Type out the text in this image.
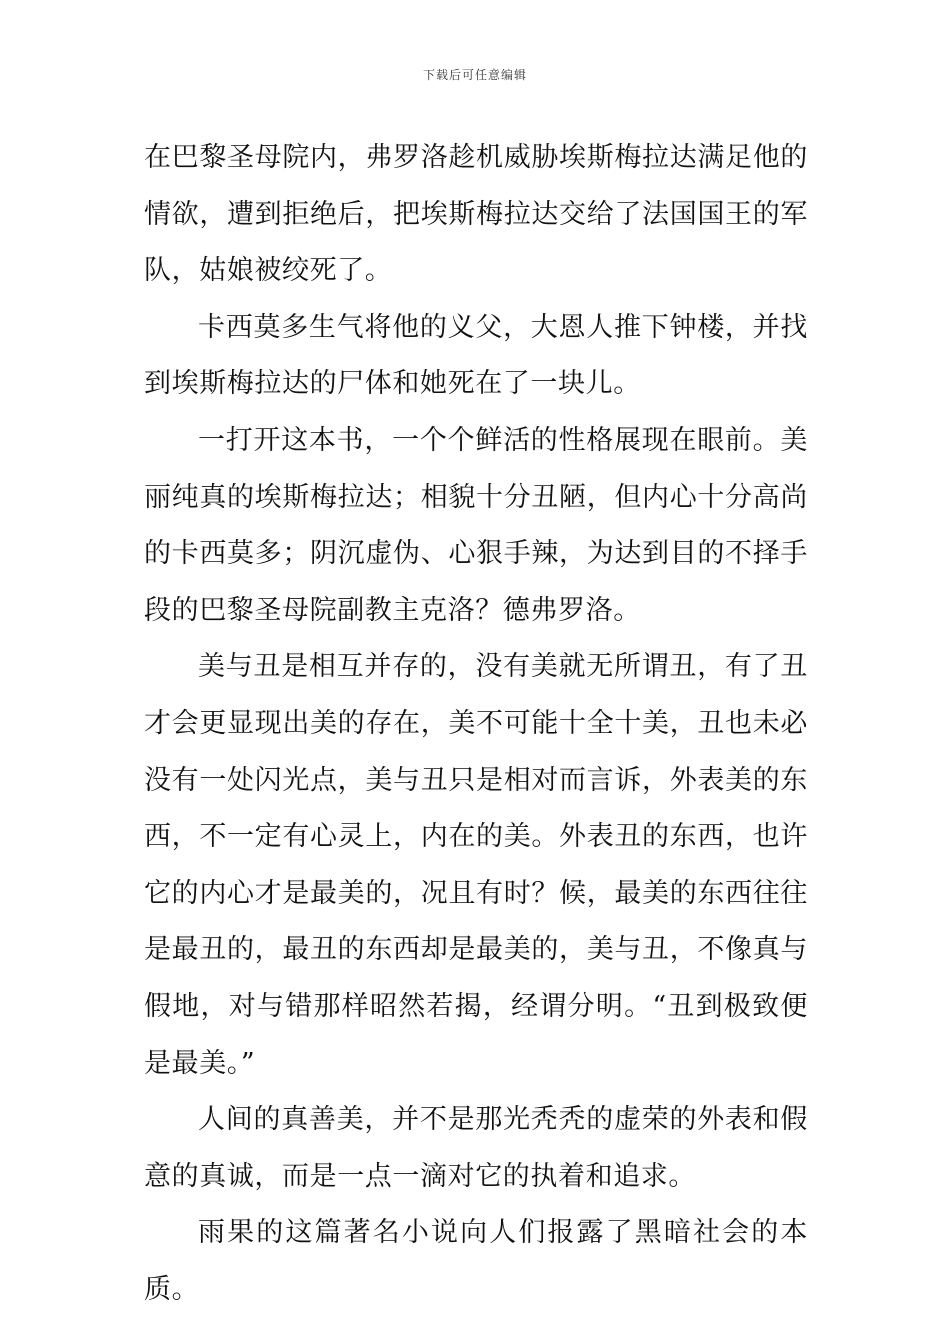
下载后可任意编辑

在巴黎圣母院内，弗罗洛趁机威胁埃斯梅拉达满足他的情欲，遭到拒绝后，把埃斯梅拉达交给了法国国王的军队，姑娘被绞死了。

卡西莫多生气将他的义父，大恩人推下钟楼，并找到埃斯梅拉达的尸体和她死在了一块儿。

一打开这本书，一个个鲜活的性格展现在眼前。美丽纯真的埃斯梅拉达；相貌十分丑陋，但内心十分高尚的卡西莫多；阴沉虚伪、心狠手辣，为达到目的不择手段的巴黎圣母院副教主克洛？德弗罗洛。

美与丑是相互并存的，没有美就无所谓丑，有了丑才会更显现出美的存在，美不可能十全十美，丑也未必没有一处闪光点，美与丑只是相对而言诉，外表美的东西，不一定有心灵上，内在的美。外表丑的东西，也许它的内心才是最美的，况且有时？候，最美的东西往往是最丑的，最丑的东西却是最美的，美与丑，不像真与假地，对与错那样昭然若揭，经谓分明。“丑到极致便是最美。”

人间的真善美，并不是那光秃秃的虚荣的外表和假意的真诚，而是一点一滴对它的执着和追求。

雨果的这篇著名小说向人们报露了黑暗社会的本质。
